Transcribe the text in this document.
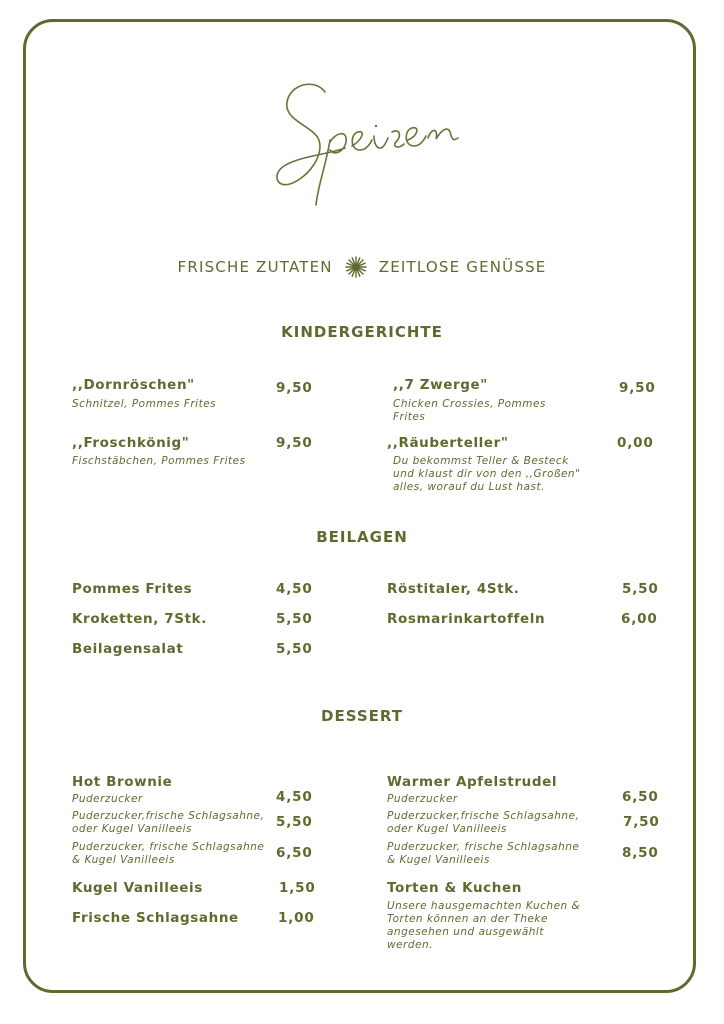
FRISCHE ZUTATEN	ZEITLOSE GENÜSSE
KINDERGERICHTE
,,Dornröschen"	9,50
Schnitzel, Pommes Frites
,,7 Zwerge"	9,50
Chicken Crossies, Pommes
Frites
,,Froschkönig"	9,50
Fischstäbchen, Pommes Frites
,,Räuberteller"	0,00
Du bekommst Teller & Besteck
und klaust dir von den ,,Großen"
alles, worauf du Lust hast.
BEILAGEN
Pommes Frites	4,50
Kroketten, 7Stk.	5,50
Beilagensalat	5,50
Röstitaler, 4Stk.	5,50
Rosmarinkartoffeln	6,00
DESSERT
Hot Brownie
Puderzucker	4,50
Puderzucker,frische Schlagsahne,
oder Kugel Vanilleeis	5,50
Puderzucker, frische Schlagsahne
& Kugel Vanilleeis	6,50
Warmer Apfelstrudel
Puderzucker	6,50
Puderzucker,frische Schlagsahne,
oder Kugel Vanilleeis	7,50
Puderzucker, frische Schlagsahne
& Kugel Vanilleeis	8,50
Kugel Vanilleeis	1,50
Frische Schlagsahne	1,00
Torten & Kuchen
Unsere hausgemachten Kuchen &
Torten können an der Theke
angesehen und ausgewählt
werden.
